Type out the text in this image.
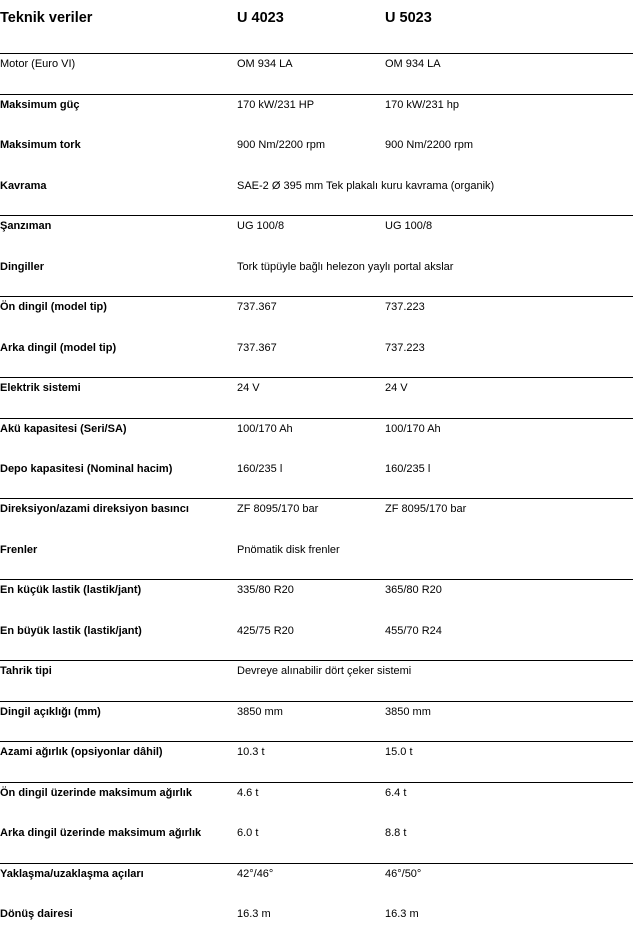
Teknik veriler	U 4023	U 5023
Motor (Euro VI)	OM 934 LA	OM 934 LA
Maksimum güç	170 kW/231 HP	170 kW/231 hp
Maksimum tork	900 Nm/2200 rpm	900 Nm/2200 rpm
Kavrama	SAE-2 Ø 395 mm Tek plakalı kuru kavrama (organik)
Şanzıman	UG 100/8	UG 100/8
Dingiller	Tork tüpüyle bağlı helezon yaylı portal akslar
Ön dingil (model tip)	737.367	737.223
Arka dingil (model tip)	737.367	737.223
Elektrik sistemi	24 V	24 V
Akü kapasitesi (Seri/SA)	100/170 Ah	100/170 Ah
Depo kapasitesi (Nominal hacim)	160/235 l	160/235 l
Direksiyon/azami direksiyon basıncı	ZF 8095/170 bar	ZF 8095/170 bar
Frenler	Pnömatik disk frenler
En küçük lastik (lastik/jant)	335/80 R20	365/80 R20
En büyük lastik (lastik/jant)	425/75 R20	455/70 R24
Tahrik tipi	Devreye alınabilir dört çeker sistemi
Dingil açıklığı (mm)	3850 mm	3850 mm
Azami ağırlık (opsiyonlar dâhil)	10.3 t	15.0 t
Ön dingil üzerinde maksimum ağırlık	4.6 t	6.4 t
Arka dingil üzerinde maksimum ağırlık	6.0 t	8.8 t
Yaklaşma/uzaklaşma açıları	42°/46°	46°/50°
Dönüş dairesi	16.3 m	16.3 m
